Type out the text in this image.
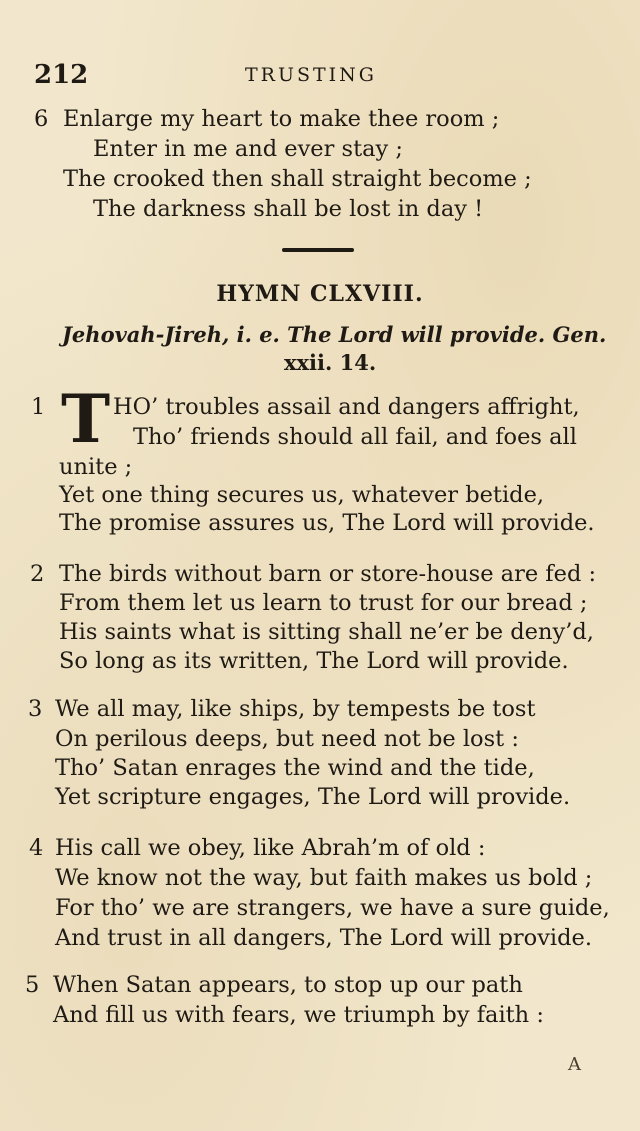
212	TRUSTING
6 Enlarge my heart to make thee room ;
Enter in me and ever stay ;
The crooked then shall straight become ;
The darkness shall be lost in day !
HYMN CLXVIII.
Jehovah-Jireh, i. e. The Lord will provide. Gen.
xxii. 14.
1 T HO’ troubles assail and dangers affright,
Tho’ friends should all fail, and foes all
unite ;
Yet one thing secures us, whatever betide,
The promise assures us, The Lord will provide.
2 The birds without barn or store-house are fed :
From them let us learn to trust for our bread ;
His saints what is sitting shall ne’er be deny’d,
So long as its written, The Lord will provide.
3 We all may, like ships, by tempests be tost
On perilous deeps, but need not be lost :
Tho’ Satan enrages the wind and the tide,
Yet scripture engages, The Lord will provide.
4 His call we obey, like Abrah’m of old :
We know not the way, but faith makes us bold ;
For tho’ we are strangers, we have a sure guide,
And trust in all dangers, The Lord will provide.
5 When Satan appears, to stop up our path
And fill us with fears, we triumph by faith :
A
